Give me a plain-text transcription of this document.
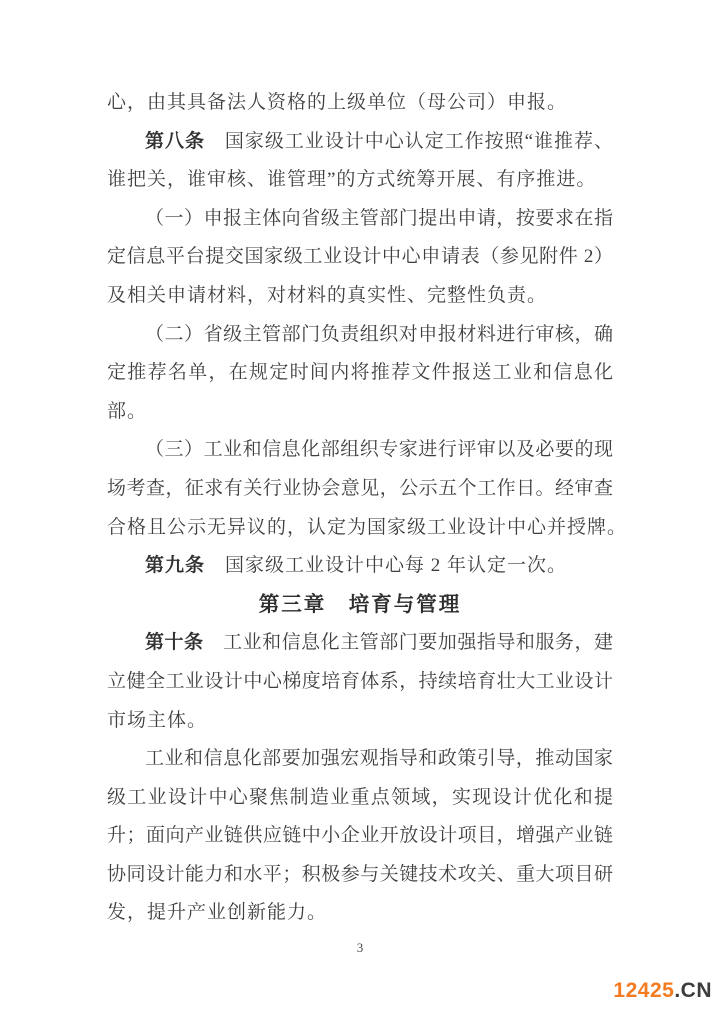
心，由其具备法人资格的上级单位（母公司）申报。
第八条　国家级工业设计中心认定工作按照“谁推荐、
谁把关，谁审核、谁管理”的方式统筹开展、有序推进。
（一）申报主体向省级主管部门提出申请，按要求在指
定信息平台提交国家级工业设计中心申请表（参见附件 2）
及相关申请材料，对材料的真实性、完整性负责。
（二）省级主管部门负责组织对申报材料进行审核，确
定推荐名单，在规定时间内将推荐文件报送工业和信息化
部。
（三）工业和信息化部组织专家进行评审以及必要的现
场考查，征求有关行业协会意见，公示五个工作日。经审查
合格且公示无异议的，认定为国家级工业设计中心并授牌。
第九条　国家级工业设计中心每 2 年认定一次。
第三章　培育与管理
第十条　工业和信息化主管部门要加强指导和服务，建
立健全工业设计中心梯度培育体系，持续培育壮大工业设计
市场主体。
工业和信息化部要加强宏观指导和政策引导，推动国家
级工业设计中心聚焦制造业重点领域，实现设计优化和提
升；面向产业链供应链中小企业开放设计项目，增强产业链
协同设计能力和水平；积极参与关键技术攻关、重大项目研
发，提升产业创新能力。
3
12425.CN
